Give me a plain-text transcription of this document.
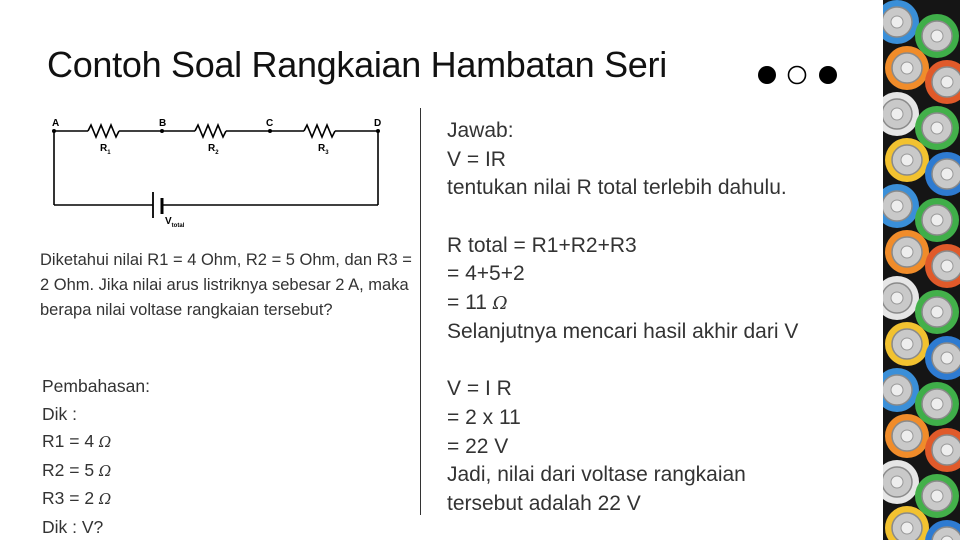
Contoh Soal Rangkaian Hambatan Seri
A	B	C	D
$R_1$	$R_2$	$R_3$
$V_{total}$

Diketahui nilai R1 = 4 Ohm, R2 = 5 Ohm, dan R3 = 2 Ohm. Jika nilai arus listriknya sebesar 2 A, maka berapa nilai voltase rangkaian tersebut?

Pembahasan:
Dik :
R1 = 4 Ω
R2 = 5 Ω
R3 = 2 Ω
Dik : V?
Jawab:
V = IR
tentukan nilai R total terlebih dahulu.
R total = R1+R2+R3
= 4+5+2
= 11 Ω
Selanjutnya mencari hasil akhir dari V
V = I R
= 2 x 11
= 22 V
Jadi, nilai dari voltase rangkaian
tersebut adalah 22 V
